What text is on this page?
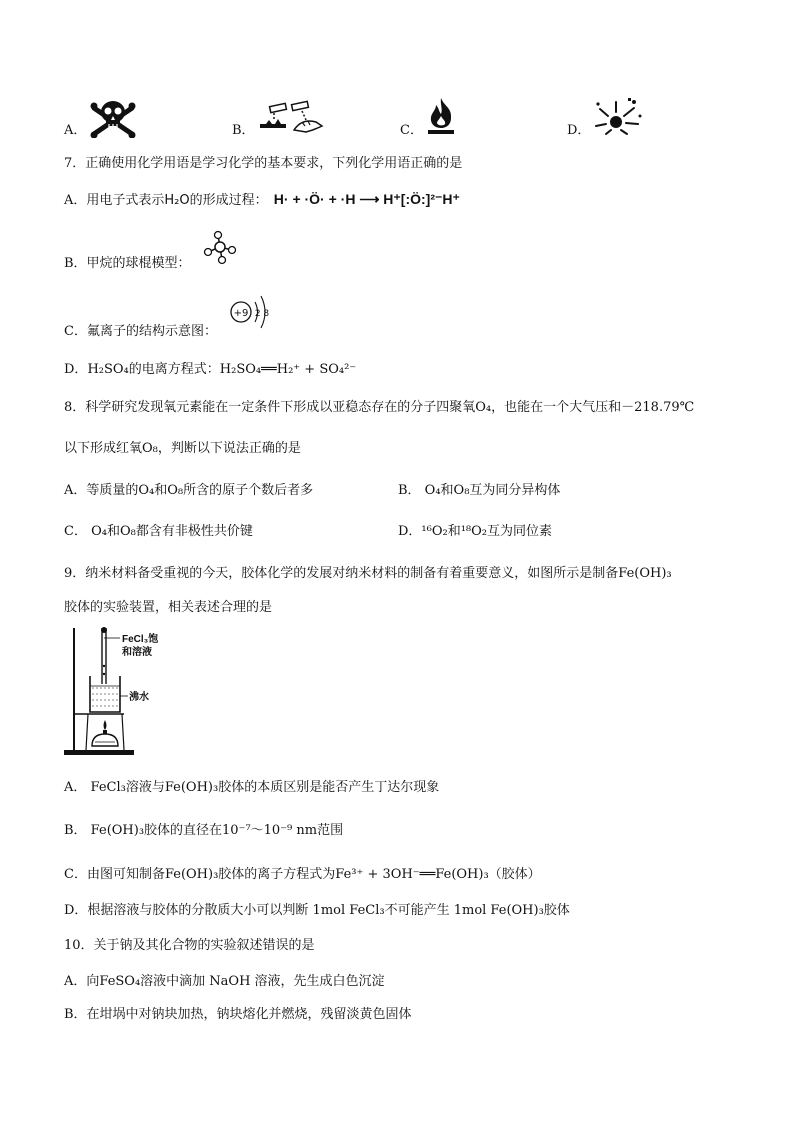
A．	B．	C．	D．
7．正确使用化学用语是学习化学的基本要求，下列化学用语正确的是
A．用电子式表示H₂O的形成过程： H· + ·Ö· + ·H ⟶ H⁺[:Ö:]²⁻H⁺
B．甲烷的球棍模型：
C．氟离子的结构示意图：
+9 2 8
D．H₂SO₄的电离方程式：H₂SO₄══H₂⁺ + SO₄²⁻
8．科学研究发现氧元素能在一定条件下形成以亚稳态存在的分子四聚氧O₄，也能在一个大气压和－218.79℃
以下形成红氧O₈，判断以下说法正确的是
A．等质量的O₄和O₈所含的原子个数后者多	B． O₄和O₈互为同分异构体
C． O₄和O₈都含有非极性共价键	D．¹⁶O₂和¹⁸O₂互为同位素
9．纳米材料备受重视的今天，胶体化学的发展对纳米材料的制备有着重要意义，如图所示是制备Fe(OH)₃
胶体的实验装置，相关表述合理的是
FeCl₃饱
和溶液
沸水
A． FeCl₃溶液与Fe(OH)₃胶体的本质区别是能否产生丁达尔现象
B． Fe(OH)₃胶体的直径在10⁻⁷～10⁻⁹ nm范围
C．由图可知制备Fe(OH)₃胶体的离子方程式为Fe³⁺ + 3OH⁻══Fe(OH)₃（胶体）
D．根据溶液与胶体的分散质大小可以判断 1mol FeCl₃不可能产生 1mol Fe(OH)₃胶体
10．关于钠及其化合物的实验叙述错误的是
A．向FeSO₄溶液中滴加 NaOH 溶液，先生成白色沉淀
B．在坩埚中对钠块加热，钠块熔化并燃烧，残留淡黄色固体
